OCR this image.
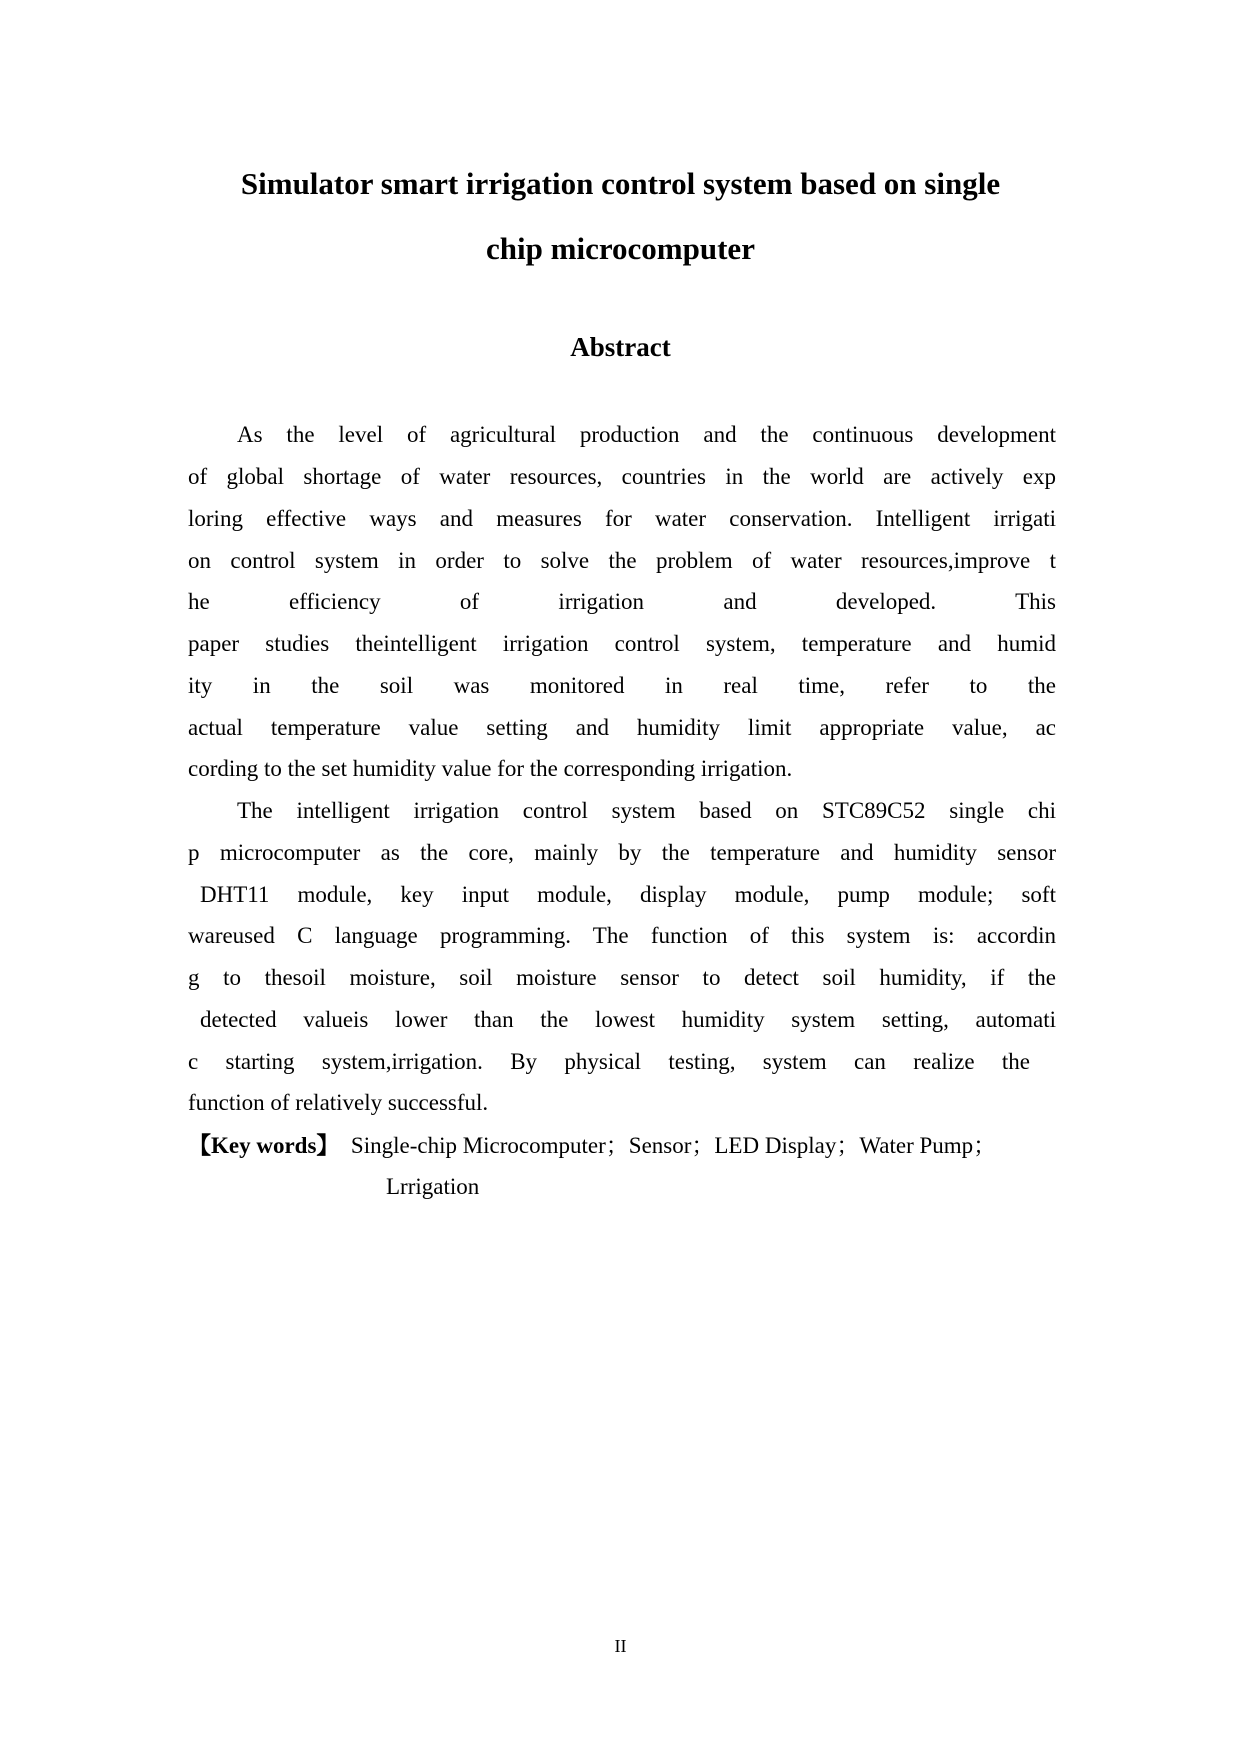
Simulator smart irrigation control system based on single
chip microcomputer
Abstract

As the level of agricultural production and the continuous development

of global shortage of water resources, countries in the world are actively exp

loring effective ways and measures for water conservation. Intelligent irrigati

on control system in order to solve the problem of water resources,improve t

he efficiency of irrigation and developed. This

paper studies theintelligent irrigation control system, temperature and humid

ity in the soil was monitored in real time, refer to the

actual temperature value setting and humidity limit appropriate value, ac

cording to the set humidity value for the corresponding irrigation.

The intelligent irrigation control system based on STC89C52 single chi

p microcomputer as the core, mainly by the temperature and humidity sensor

DHT11 module, key input module, display module, pump module; soft

wareused C language programming. The function of this system is: accordin

g to thesoil moisture, soil moisture sensor to detect soil humidity, if the

detected valueis lower than the lowest humidity system setting, automati

c starting system,irrigation. By physical testing, system can realize the

function of relatively successful.

【Key words】 Single-chip Microcomputer；Sensor；LED Display；Water Pump；

Lrrigation

II
